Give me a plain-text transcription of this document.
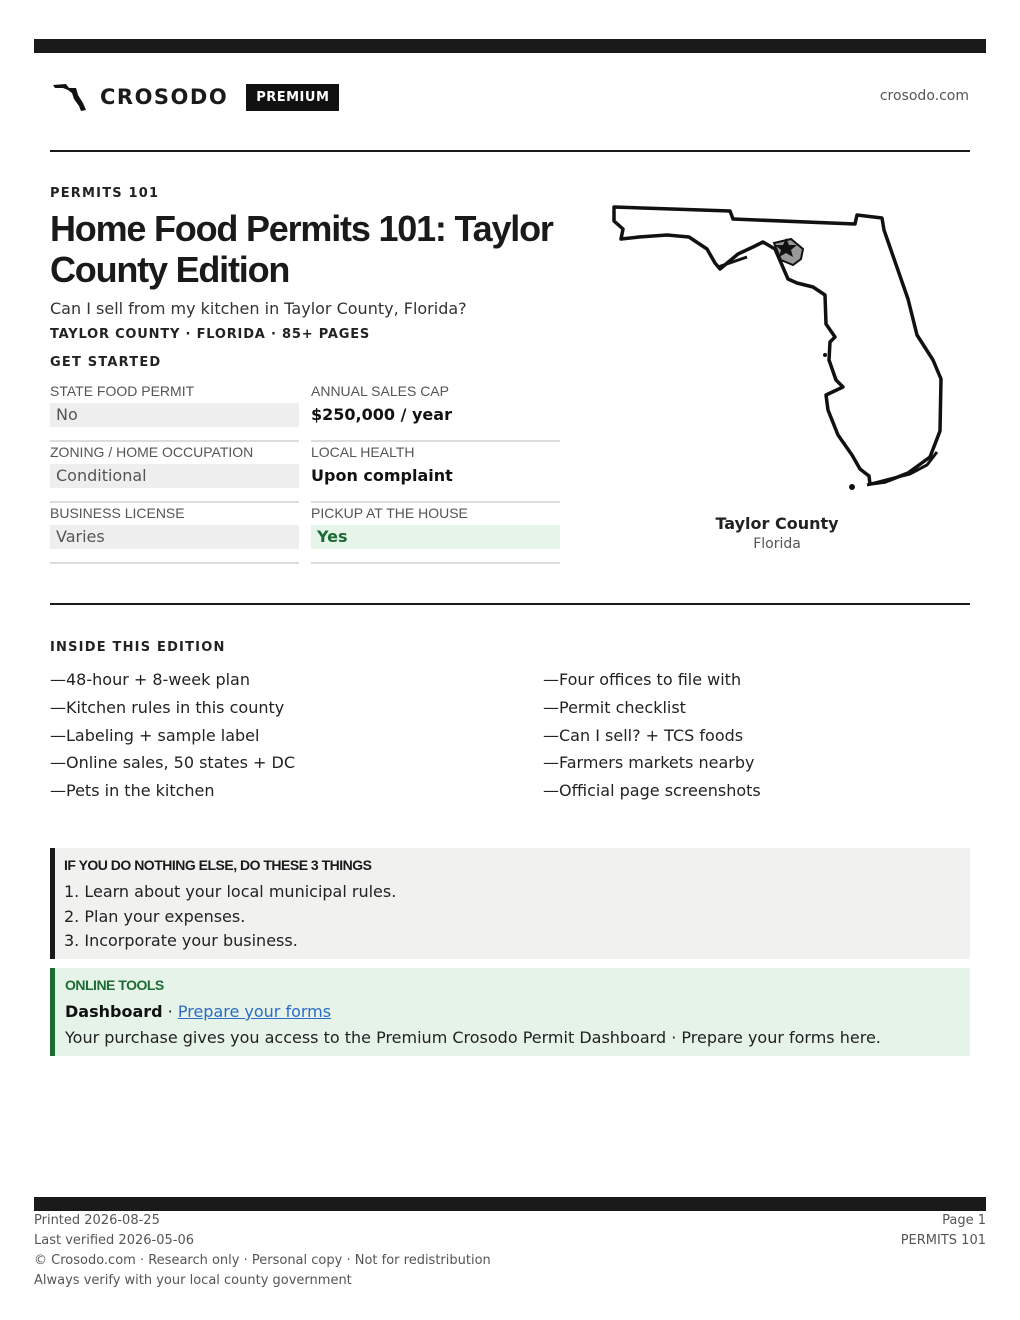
CROSODO	PREMIUM	crosodo.com
PERMITS 101
Home Food Permits 101: Taylor County Edition
Can I sell from my kitchen in Taylor County, Florida?
TAYLOR COUNTY · FLORIDA · 85+ PAGES
GET STARTED
STATE FOOD PERMIT
No
ANNUAL SALES CAP
$250,000 / year
ZONING / HOME OCCUPATION
Conditional
LOCAL HEALTH
Upon complaint
BUSINESS LICENSE
Varies
PICKUP AT THE HOUSE
Yes
Taylor County
Florida
INSIDE THIS EDITION
—48-hour + 8-week plan
—Kitchen rules in this county
—Labeling + sample label
—Online sales, 50 states + DC
—Pets in the kitchen
—Four offices to file with
—Permit checklist
—Can I sell? + TCS foods
—Farmers markets nearby
—Official page screenshots
IF YOU DO NOTHING ELSE, DO THESE 3 THINGS
1. Learn about your local municipal rules.
2. Plan your expenses.
3. Incorporate your business.
ONLINE TOOLS
Dashboard · Prepare your forms
Your purchase gives you access to the Premium Crosodo Permit Dashboard · Prepare your forms here.
Printed 2026-08-25
Last verified 2026-05-06
© Crosodo.com · Research only · Personal copy · Not for redistribution
Always verify with your local county government
Page 1
PERMITS 101
